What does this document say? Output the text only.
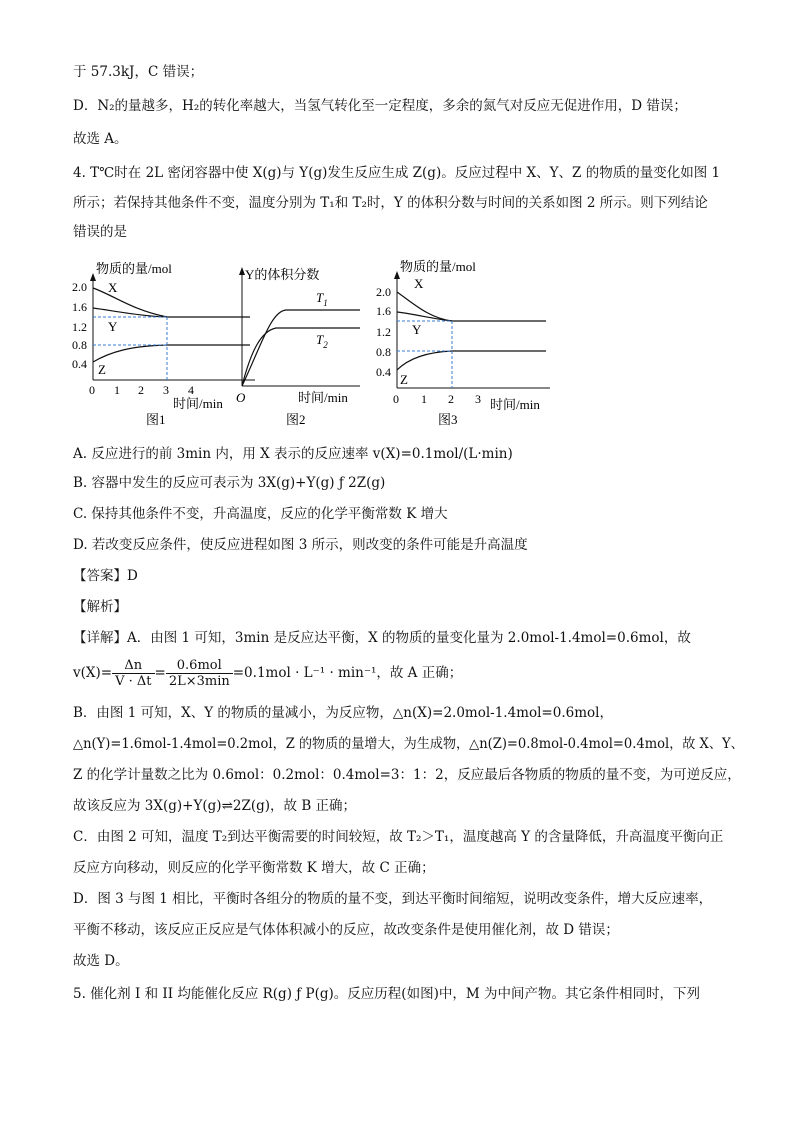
于 57.3kJ，C 错误；
D．N₂的量越多，H₂的转化率越大，当氢气转化至一定程度，多余的氮气对反应无促进作用，D 错误；
故选 A。
4. T℃时在 2L 密闭容器中使 X(g)与 Y(g)发生反应生成 Z(g)。反应过程中 X、Y、Z 的物质的量变化如图 1
所示；若保持其他条件不变，温度分别为 T₁和 T₂时，Y 的体积分数与时间的关系如图 2 所示。则下列结论
错误的是
物质的量/mol
2.0
1.6
1.2
0.8
0.4
X
Y
Z
0 1 2 3 4
时间/min
图1
Y的体积分数
$T_1$
$T_2$
O	时间/min
图2
物质的量/mol
2.0
1.6
1.2
0.8
0.4
X
Y
Z
0 1 2 3 时间/min
图3
A. 反应进行的前 3min 内，用 X 表示的反应速率 v(X)=0.1mol/(L·min)
B. 容器中发生的反应可表示为 3X(g)+Y(g) ƒ 2Z(g)
C. 保持其他条件不变，升高温度，反应的化学平衡常数 K 增大
D. 若改变反应条件，使反应进程如图 3 所示，则改变的条件可能是升高温度
【答案】D
【解析】
【详解】A．由图 1 可知，3min 是反应达平衡，X 的物质的量变化量为 2.0mol-1.4mol=0.6mol，故
$v(X)= \frac{\Delta n}{V \cdot \Delta t} = \frac{\text{0.6mol}}{2L\times 3\min} =0.1mol \cdot L^{-1} \cdot \min^{-1}$，故 A 正确；
B．由图 1 可知，X、Y 的物质的量减小，为反应物，△n(X)=2.0mol-1.4mol=0.6mol，
△n(Y)=1.6mol-1.4mol=0.2mol，Z 的物质的量增大，为生成物，△n(Z)=0.8mol-0.4mol=0.4mol，故 X、Y、
Z 的化学计量数之比为 0.6mol：0.2mol：0.4mol=3：1：2，反应最后各物质的物质的量不变，为可逆反应，
故该反应为 3X(g)+Y(g)⇌2Z(g)，故 B 正确；
C．由图 2 可知，温度 T₂到达平衡需要的时间较短，故 T₂＞T₁，温度越高 Y 的含量降低，升高温度平衡向正
反应方向移动，则反应的化学平衡常数 K 增大，故 C 正确；
D．图 3 与图 1 相比，平衡时各组分的物质的量不变，到达平衡时间缩短，说明改变条件，增大反应速率，
平衡不移动，该反应正反应是气体体积减小的反应，故改变条件是使用催化剂，故 D 错误；
故选 D。
5. 催化剂 I 和 II 均能催化反应 R(g) ƒ P(g)。反应历程(如图)中，M 为中间产物。其它条件相同时，下列
